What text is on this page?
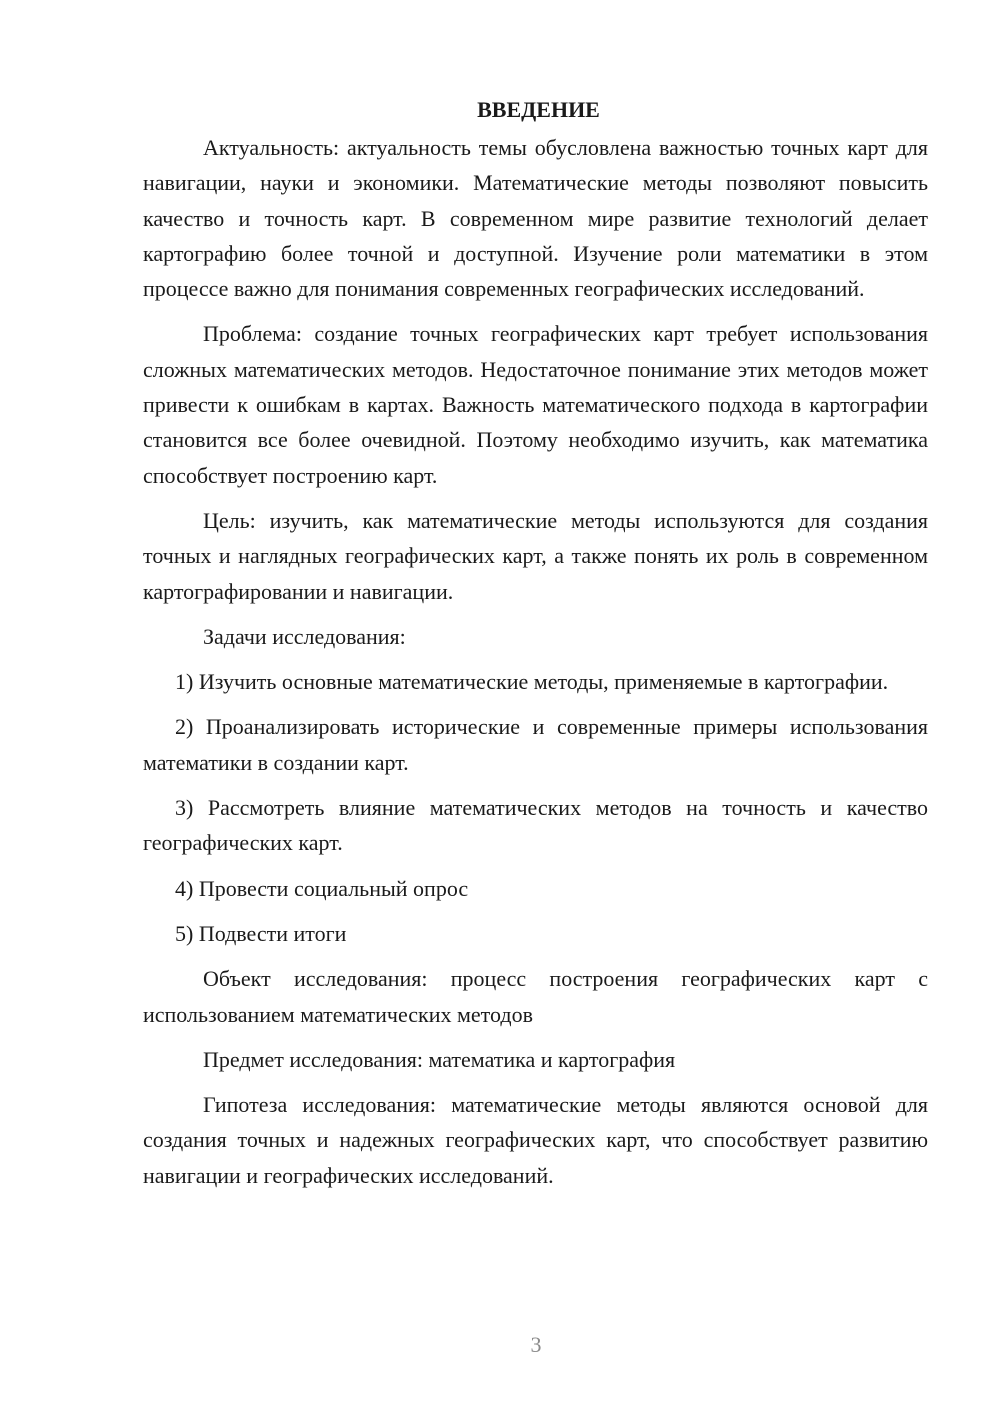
ВВЕДЕНИЕ

Актуальность: актуальность темы обусловлена важностью точных карт для навигации, науки и экономики. Математические методы позволяют повысить качество и точность карт. В современном мире развитие технологий делает картографию более точной и доступной. Изучение роли математики в этом процессе важно для понимания современных географических исследований.

Проблема: создание точных географических карт требует использования сложных математических методов. Недостаточное понимание этих методов может привести к ошибкам в картах. Важность математического подхода в картографии становится все более очевидной. Поэтому необходимо изучить, как математика способствует построению карт.

Цель: изучить, как математические методы используются для создания точных и наглядных географических карт, а также понять их роль в современном картографировании и навигации.

Задачи исследования:

1) Изучить основные математические методы, применяемые в картографии.

2) Проанализировать исторические и современные примеры использования математики в создании карт.

3) Рассмотреть влияние математических методов на точность и качество географических карт.

4) Провести социальный опрос

5) Подвести итоги

Объект исследования: процесс построения географических карт с использованием математических методов

Предмет исследования: математика и картография

Гипотеза исследования: математические методы являются основой для создания точных и надежных географических карт, что способствует развитию навигации и географических исследований.

3
